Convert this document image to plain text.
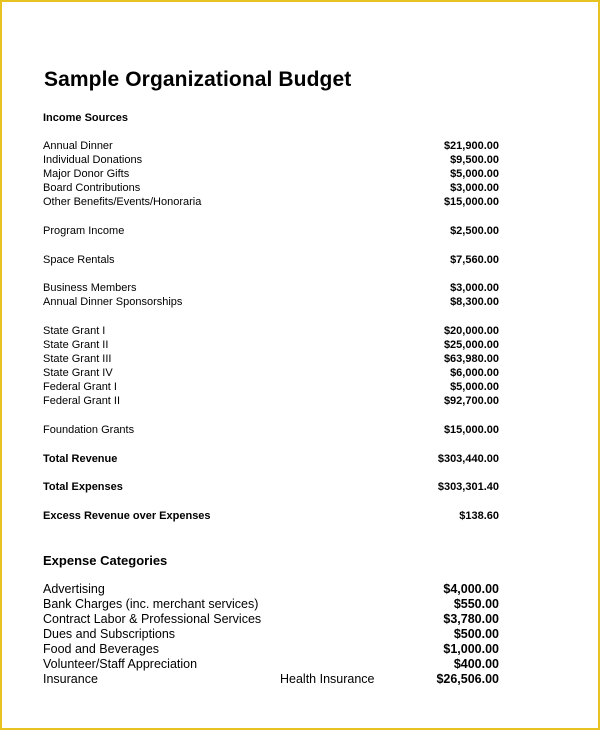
Sample Organizational Budget
Income Sources
Annual Dinner	$21,900.00
Individual Donations	$9,500.00
Major Donor Gifts	$5,000.00
Board Contributions	$3,000.00
Other Benefits/Events/Honoraria	$15,000.00
Program Income	$2,500.00
Space Rentals	$7,560.00
Business Members	$3,000.00
Annual Dinner Sponsorships	$8,300.00
State Grant I	$20,000.00
State Grant II	$25,000.00
State Grant III	$63,980.00
State Grant IV	$6,000.00
Federal Grant I	$5,000.00
Federal Grant II	$92,700.00
Foundation Grants	$15,000.00
Total Revenue	$303,440.00
Total Expenses	$303,301.40
Excess Revenue over Expenses	$138.60
Expense Categories
Advertising	$4,000.00
Bank Charges (inc. merchant services)	$550.00
Contract Labor & Professional Services	$3,780.00
Dues and Subscriptions	$500.00
Food and Beverages	$1,000.00
Volunteer/Staff Appreciation	$400.00
Insurance	Health Insurance	$26,506.00
